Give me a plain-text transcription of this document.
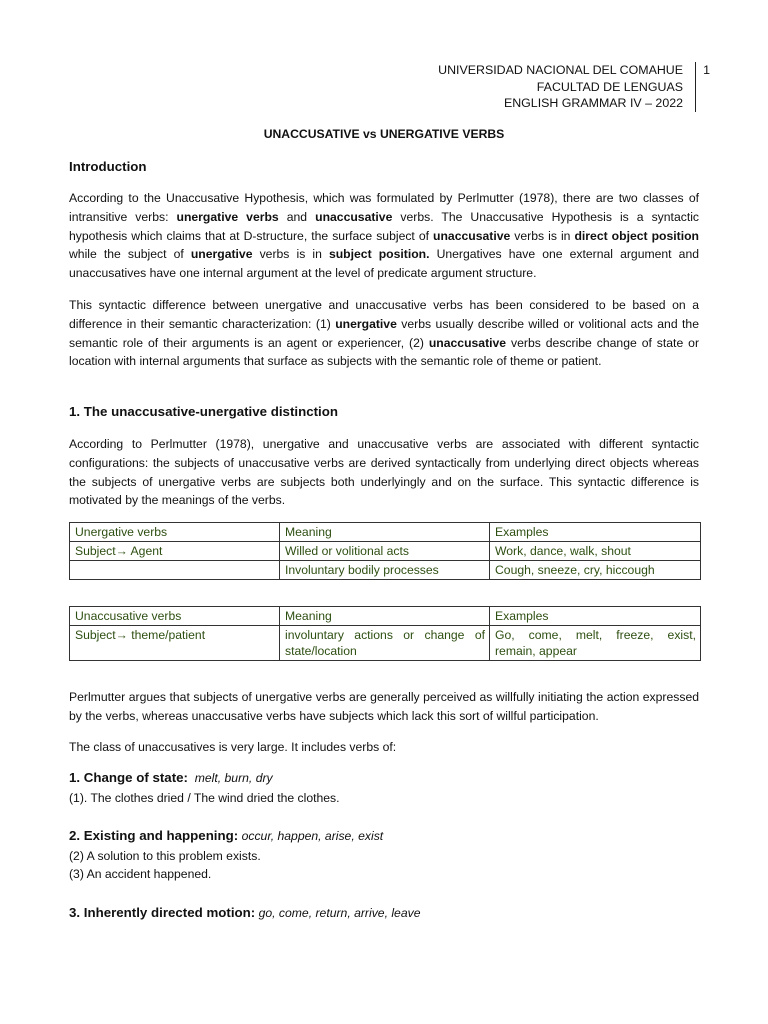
UNIVERSIDAD NACIONAL DEL COMAHUE
FACULTAD DE LENGUAS
ENGLISH GRAMMAR IV – 2022
1
UNACCUSATIVE vs UNERGATIVE VERBS
Introduction

According to the Unaccusative Hypothesis, which was formulated by Perlmutter (1978), there are two classes of intransitive verbs: unergative verbs and unaccusative verbs. The Unaccusative Hypothesis is a syntactic hypothesis which claims that at D-structure, the surface subject of unaccusative verbs is in direct object position while the subject of unergative verbs is in subject position. Unergatives have one external argument and unaccusatives have one internal argument at the level of predicate argument structure.

This syntactic difference between unergative and unaccusative verbs has been considered to be based on a difference in their semantic characterization: (1) unergative verbs usually describe willed or volitional acts and the semantic role of their arguments is an agent or experiencer, (2) unaccusative verbs describe change of state or location with internal arguments that surface as subjects with the semantic role of theme or patient.

1. The unaccusative-unergative distinction

According to Perlmutter (1978), unergative and unaccusative verbs are associated with different syntactic configurations: the subjects of unaccusative verbs are derived syntactically from underlying direct objects whereas the subjects of unergative verbs are subjects both underlyingly and on the surface. This syntactic difference is motivated by the meanings of the verbs.

Unergative verbs	Meaning	Examples
Subject→ Agent	Willed or volitional acts	Work, dance, walk, shout
	Involuntary bodily processes	Cough, sneeze, cry, hiccough
Unaccusative verbs	Meaning	Examples
Subject→ theme/patient	involuntary actions or change of state/location	Go, come, melt, freeze, exist, remain, appear

Perlmutter argues that subjects of unergative verbs are generally perceived as willfully initiating the action expressed by the verbs, whereas unaccusative verbs have subjects which lack this sort of willful participation.

The class of unaccusatives is very large. It includes verbs of:
1. Change of state: melt, burn, dry
(1). The clothes dried / The wind dried the clothes.
2. Existing and happening: occur, happen, arise, exist
(2) A solution to this problem exists.
(3) An accident happened.
3. Inherently directed motion: go, come, return, arrive, leave
